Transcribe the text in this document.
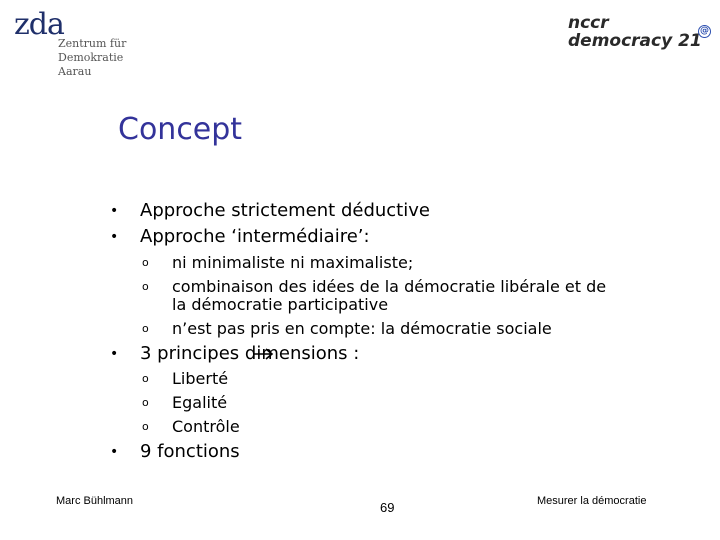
zda
Zentrum für
Demokratie
Aarau
nccr
democracy 21
@
Concept
• Approche strictement déductive
• Approche ‘intermédiaire’:
o ni minimaliste ni maximaliste;
o combinaison des idées de la démocratie libérale et de
la démocratie participative
o n’est pas pris en compte: la démocratie sociale
• 3 principes dimensions :
o Liberté
o Egalité
o Contrôle
• 9 fonctions
Marc Bühlmann	69	Mesurer la démocratie
